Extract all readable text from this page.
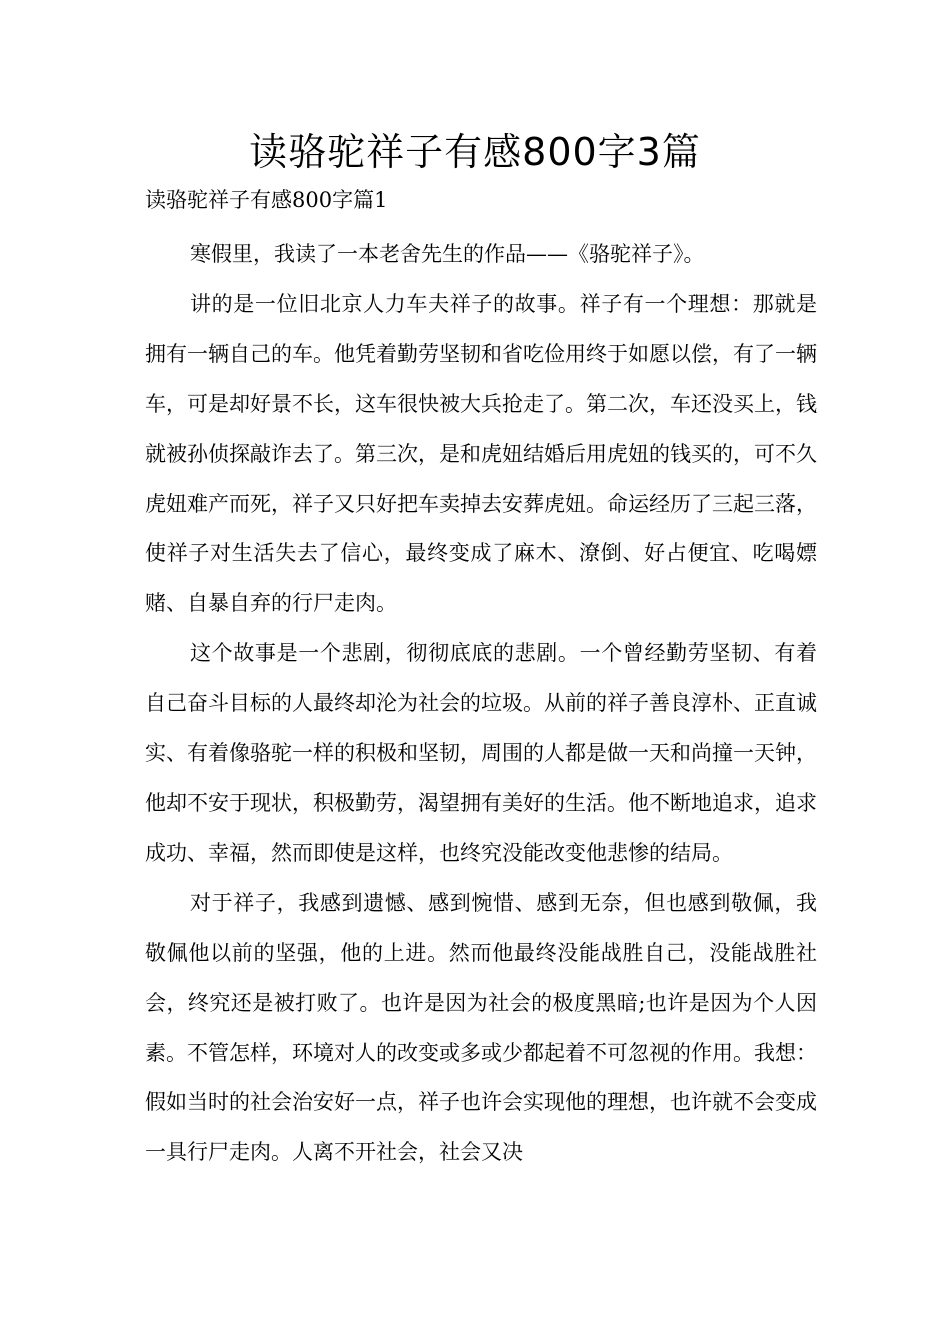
读骆驼祥子有感800字3篇

读骆驼祥子有感800字篇1

寒假里，我读了一本老舍先生的作品——《骆驼祥子》。

讲的是一位旧北京人力车夫祥子的故事。祥子有一个理想：那就是拥有一辆自己的车。他凭着勤劳坚韧和省吃俭用终于如愿以偿，有了一辆车，可是却好景不长，这车很快被大兵抢走了。第二次，车还没买上，钱就被孙侦探敲诈去了。第三次，是和虎妞结婚后用虎妞的钱买的，可不久虎妞难产而死，祥子又只好把车卖掉去安葬虎妞。命运经历了三起三落，使祥子对生活失去了信心，最终变成了麻木、潦倒、好占便宜、吃喝嫖赌、自暴自弃的行尸走肉。

这个故事是一个悲剧，彻彻底底的悲剧。一个曾经勤劳坚韧、有着自己奋斗目标的人最终却沦为社会的垃圾。从前的祥子善良淳朴、正直诚实、有着像骆驼一样的积极和坚韧，周围的人都是做一天和尚撞一天钟，他却不安于现状，积极勤劳，渴望拥有美好的生活。他不断地追求，追求成功、幸福，然而即使是这样，也终究没能改变他悲惨的结局。

对于祥子，我感到遗憾、感到惋惜、感到无奈，但也感到敬佩，我敬佩他以前的坚强，他的上进。然而他最终没能战胜自己，没能战胜社会，终究还是被打败了。也许是因为社会的极度黑暗;也许是因为个人因素。不管怎样，环境对人的改变或多或少都起着不可忽视的作用。我想：假如当时的社会治安好一点，祥子也许会实现他的理想，也许就不会变成一具行尸走肉。人离不开社会，社会又决
